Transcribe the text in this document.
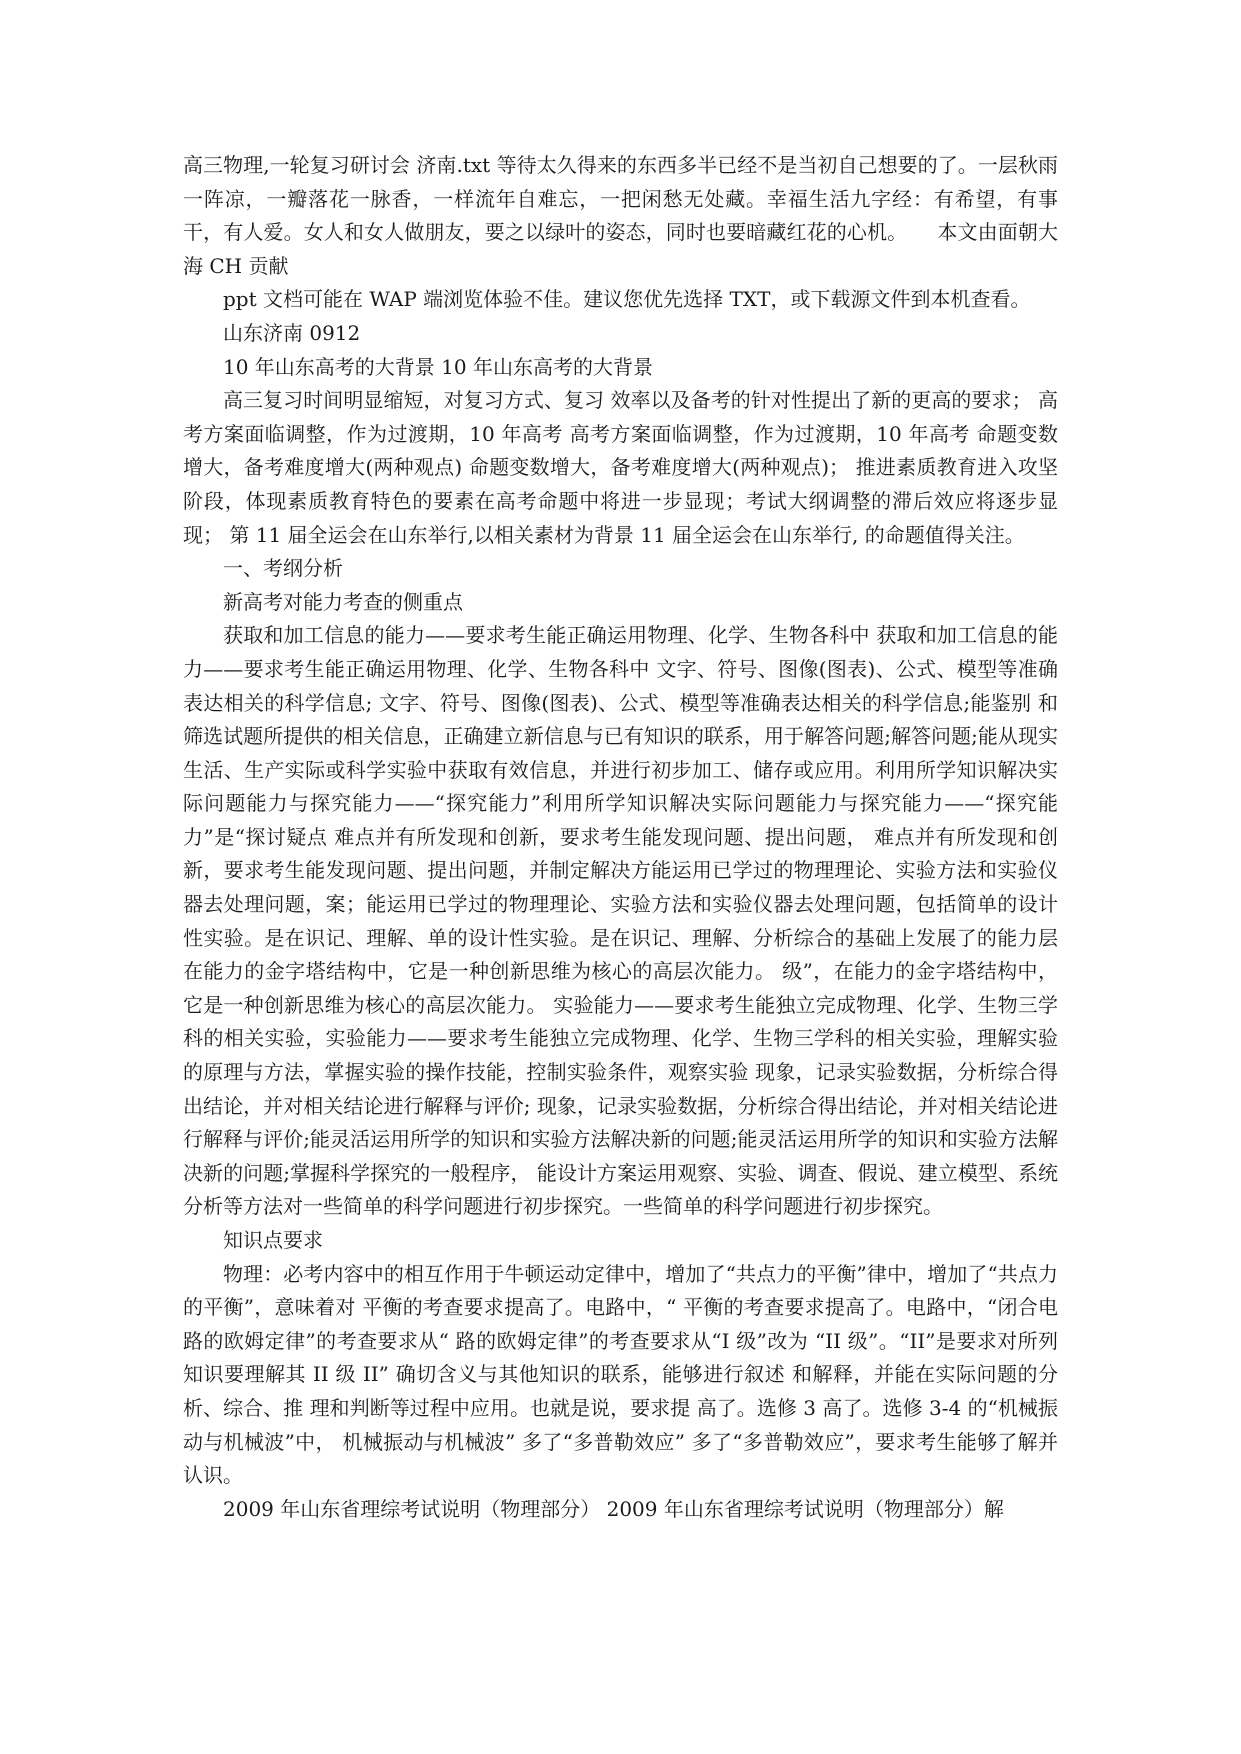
高三物理,一轮复习研讨会 济南.txt 等待太久得来的东西多半已经不是当初自己想要的了。一层秋雨一阵凉，一瓣落花一脉香，一样流年自难忘，一把闲愁无处藏。幸福生活九字经：有希望，有事干，有人爱。女人和女人做朋友，要之以绿叶的姿态，同时也要暗藏红花的心机。　　本文由面朝大海 CH 贡献

ppt 文档可能在 WAP 端浏览体验不佳。建议您优先选择 TXT，或下载源文件到本机查看。

山东济南 0912

10 年山东高考的大背景 10 年山东高考的大背景

高三复习时间明显缩短，对复习方式、复习 效率以及备考的针对性提出了新的更高的要求； 高考方案面临调整，作为过渡期，10 年高考 高考方案面临调整，作为过渡期，10 年高考 命题变数增大，备考难度增大(两种观点) 命题变数增大，备考难度增大(两种观点)； 推进素质教育进入攻坚阶段，体现素质教育特色的要素在高考命题中将进一步显现；考试大纲调整的滞后效应将逐步显现； 第 11 届全运会在山东举行,以相关素材为背景 11 届全运会在山东举行, 的命题值得关注。

一、考纲分析

新高考对能力考查的侧重点

获取和加工信息的能力——要求考生能正确运用物理、化学、生物各科中 获取和加工信息的能力——要求考生能正确运用物理、化学、生物各科中 文字、符号、图像(图表)、公式、模型等准确表达相关的科学信息; 文字、符号、图像(图表)、公式、模型等准确表达相关的科学信息;能鉴别 和筛选试题所提供的相关信息，正确建立新信息与已有知识的联系，用于解答问题;解答问题;能从现实生活、生产实际或科学实验中获取有效信息，并进行初步加工、储存或应用。利用所学知识解决实际问题能力与探究能力——“探究能力”利用所学知识解决实际问题能力与探究能力——“探究能力”是“探讨疑点 难点并有所发现和创新，要求考生能发现问题、提出问题， 难点并有所发现和创新，要求考生能发现问题、提出问题，并制定解决方能运用已学过的物理理论、实验方法和实验仪器去处理问题，案；能运用已学过的物理理论、实验方法和实验仪器去处理问题，包括简单的设计性实验。是在识记、理解、单的设计性实验。是在识记、理解、分析综合的基础上发展了的能力层 在能力的金字塔结构中，它是一种创新思维为核心的高层次能力。 级”，在能力的金字塔结构中，它是一种创新思维为核心的高层次能力。 实验能力——要求考生能独立完成物理、化学、生物三学科的相关实验，实验能力——要求考生能独立完成物理、化学、生物三学科的相关实验，理解实验的原理与方法，掌握实验的操作技能，控制实验条件，观察实验 现象，记录实验数据，分析综合得出结论，并对相关结论进行解释与评价; 现象，记录实验数据，分析综合得出结论，并对相关结论进行解释与评价;能灵活运用所学的知识和实验方法解决新的问题;能灵活运用所学的知识和实验方法解决新的问题;掌握科学探究的一般程序， 能设计方案运用观察、实验、调查、假说、建立模型、系统分析等方法对一些简单的科学问题进行初步探究。一些简单的科学问题进行初步探究。

知识点要求

物理：必考内容中的相互作用于牛顿运动定律中，增加了“共点力的平衡”律中，增加了“共点力的平衡”，意味着对 平衡的考查要求提高了。电路中，“ 平衡的考查要求提高了。电路中，“闭合电 路的欧姆定律”的考查要求从“ 路的欧姆定律”的考查要求从“I 级”改为 “II 级”。“II”是要求对所列知识要理解其 II 级 II” 确切含义与其他知识的联系，能够进行叙述 和解释，并能在实际问题的分析、综合、推 理和判断等过程中应用。也就是说，要求提 高了。选修 3 高了。选修 3-4 的“机械振动与机械波”中， 机械振动与机械波” 多了“多普勒效应” 多了“多普勒效应”，要求考生能够了解并 认识。

2009 年山东省理综考试说明（物理部分） 2009 年山东省理综考试说明（物理部分）解
